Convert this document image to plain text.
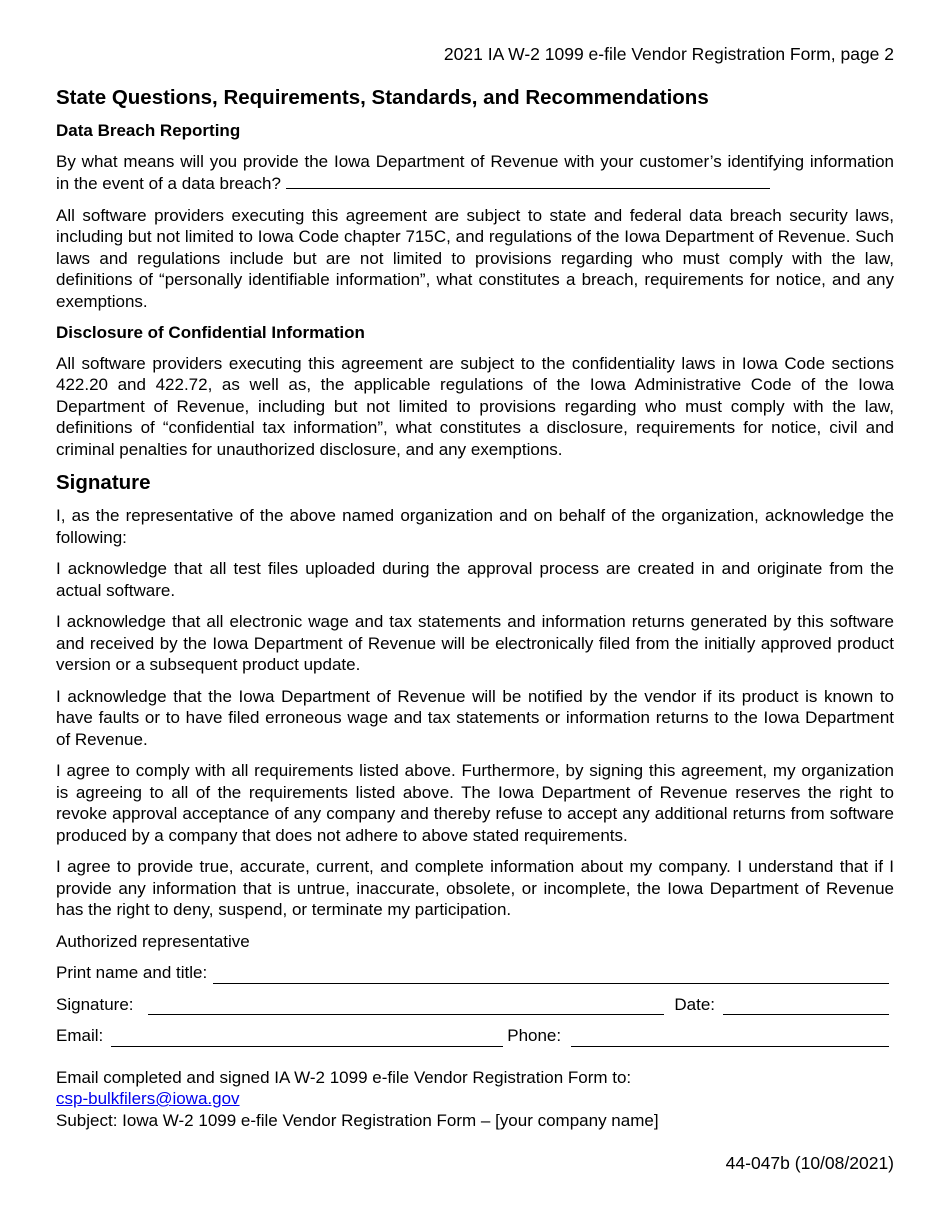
2021 IA W-2 1099 e-file Vendor Registration Form, page 2
State Questions, Requirements, Standards, and Recommendations
Data Breach Reporting

By what means will you provide the Iowa Department of Revenue with your customer’s identifying information in the event of a data breach?

All software providers executing this agreement are subject to state and federal data breach security laws, including but not limited to Iowa Code chapter 715C, and regulations of the Iowa Department of Revenue. Such laws and regulations include but are not limited to provisions regarding who must comply with the law, definitions of “personally identifiable information”, what constitutes a breach, requirements for notice, and any exemptions.

Disclosure of Confidential Information

All software providers executing this agreement are subject to the confidentiality laws in Iowa Code sections 422.20 and 422.72, as well as, the applicable regulations of the Iowa Administrative Code of the Iowa Department of Revenue, including but not limited to provisions regarding who must comply with the law, definitions of “confidential tax information”, what constitutes a disclosure, requirements for notice, civil and criminal penalties for unauthorized disclosure, and any exemptions.

Signature

I, as the representative of the above named organization and on behalf of the organization, acknowledge the following:

I acknowledge that all test files uploaded during the approval process are created in and originate from the actual software.

I acknowledge that all electronic wage and tax statements and information returns generated by this software and received by the Iowa Department of Revenue will be electronically filed from the initially approved product version or a subsequent product update.

I acknowledge that the Iowa Department of Revenue will be notified by the vendor if its product is known to have faults or to have filed erroneous wage and tax statements or information returns to the Iowa Department of Revenue.

I agree to comply with all requirements listed above. Furthermore, by signing this agreement, my organization is agreeing to all of the requirements listed above. The Iowa Department of Revenue reserves the right to revoke approval acceptance of any company and thereby refuse to accept any additional returns from software produced by a company that does not adhere to above stated requirements.

I agree to provide true, accurate, current, and complete information about my company. I understand that if I provide any information that is untrue, inaccurate, obsolete, or incomplete, the Iowa Department of Revenue has the right to deny, suspend, or terminate my participation.

Authorized representative
Print name and title:
Signature:	Date:
Email:	Phone:
Email completed and signed IA W-2 1099 e-file Vendor Registration Form to:
csp-bulkfilers@iowa.gov
Subject: Iowa W-2 1099 e-file Vendor Registration Form – [your company name]
44-047b (10/08/2021)
